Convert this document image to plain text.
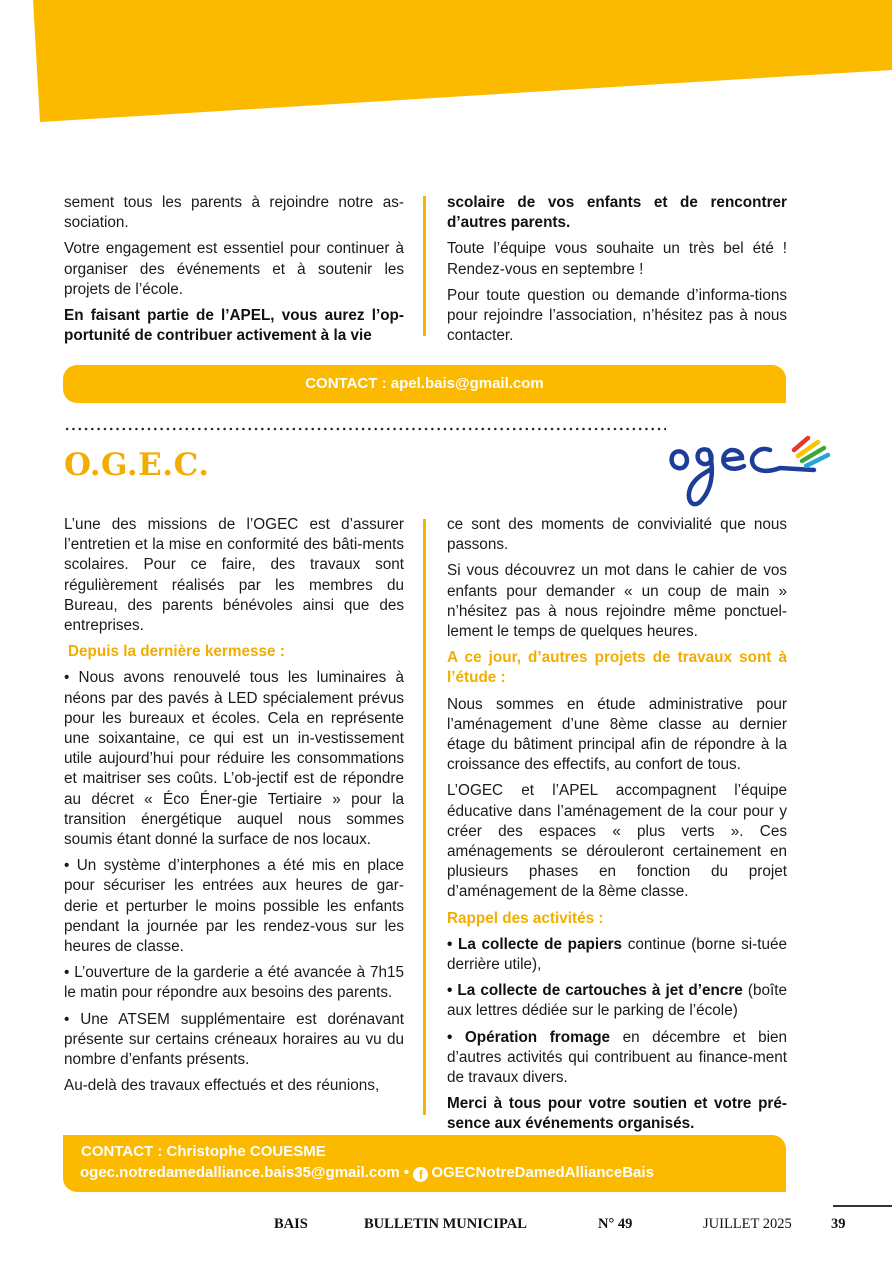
sement tous les parents à rejoindre notre as-sociation.

Votre engagement est essentiel pour continuer à organiser des événements et à soutenir les projets de l’école.

En faisant partie de l’APEL, vous aurez l’op-portunité de contribuer activement à la vie

scolaire de vos enfants et de rencontrer d’autres parents.

Toute l’équipe vous souhaite un très bel été ! Rendez-vous en septembre !

Pour toute question ou demande d’informa-tions pour rejoindre l’association, n’hésitez pas à nous contacter.

CONTACT : apel.bais@gmail.com
O.G.E.C.

L’une des missions de l’OGEC est d’assurer l’entretien et la mise en conformité des bâti-ments scolaires. Pour ce faire, des travaux sont régulièrement réalisés par les membres du Bureau, des parents bénévoles ainsi que des entreprises.

Depuis la dernière kermesse :

• Nous avons renouvelé tous les luminaires à néons par des pavés à LED spécialement prévus pour les bureaux et écoles. Cela en représente une soixantaine, ce qui est un in-vestissement utile aujourd’hui pour réduire les consommations et maitriser ses coûts. L’ob-jectif est de répondre au décret « Éco Éner-gie Tertiaire » pour la transition énergétique auquel nous sommes soumis étant donné la surface de nos locaux.

• Un système d’interphones a été mis en place pour sécuriser les entrées aux heures de gar-derie et perturber le moins possible les enfants pendant la journée par les rendez-vous sur les heures de classe.

• L’ouverture de la garderie a été avancée à 7h15 le matin pour répondre aux besoins des parents.

• Une ATSEM supplémentaire est dorénavant présente sur certains créneaux horaires au vu du nombre d’enfants présents.

Au-delà des travaux effectués et des réunions,

ce sont des moments de convivialité que nous passons.

Si vous découvrez un mot dans le cahier de vos enfants pour demander « un coup de main » n’hésitez pas à nous rejoindre même ponctuel-lement le temps de quelques heures.

A ce jour, d’autres projets de travaux sont à l’étude :

Nous sommes en étude administrative pour l’aménagement d’une 8ème classe au dernier étage du bâtiment principal afin de répondre à la croissance des effectifs, au confort de tous.

L’OGEC et l’APEL accompagnent l’équipe éducative dans l’aménagement de la cour pour y créer des espaces « plus verts ». Ces aménagements se dérouleront certainement en plusieurs phases en fonction du projet d’aménagement de la 8ème classe.

Rappel des activités :

• La collecte de papiers continue (borne si-tuée derrière utile),

• La collecte de cartouches à jet d’encre (boîte aux lettres dédiée sur le parking de l’école)

• Opération fromage en décembre et bien d’autres activités qui contribuent au finance-ment de travaux divers.

Merci à tous pour votre soutien et votre pré-sence aux événements organisés.

CONTACT : Christophe COUESME
ogec.notredamedalliance.bais35@gmail.com • f OGECNotreDamedAllianceBais
BAIS	BULLETIN MUNICIPAL	N° 49	JUILLET 2025	39
